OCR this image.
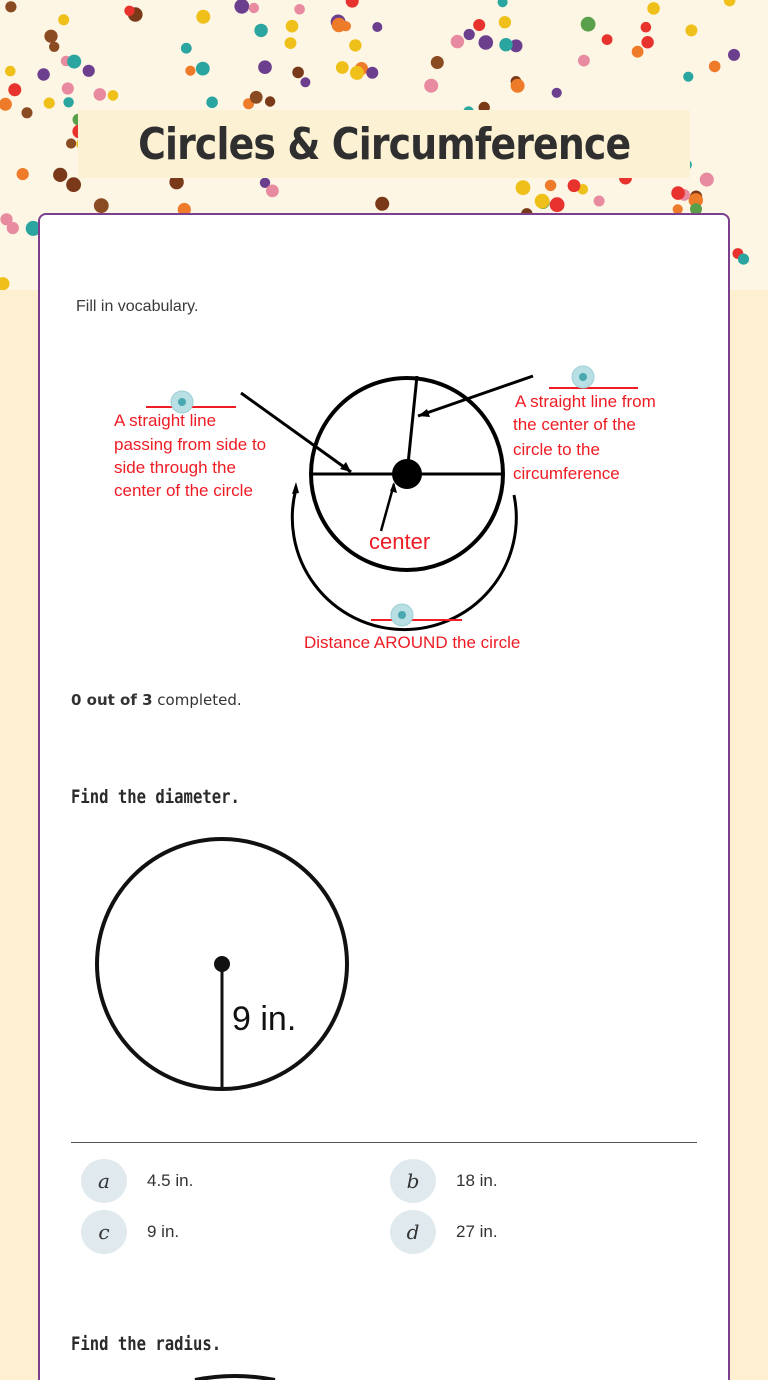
Circles & Circumference
Fill in vocabulary.
A straight line passing from side to side through the center of the circle
A straight line from the center of the circle to the circumference
center
Distance AROUND the circle
0 out of 3 completed.
Find the diameter.
9 in.
a	4.5 in.	b	18 in.
c	9 in.	d	27 in.
Find the radius.
